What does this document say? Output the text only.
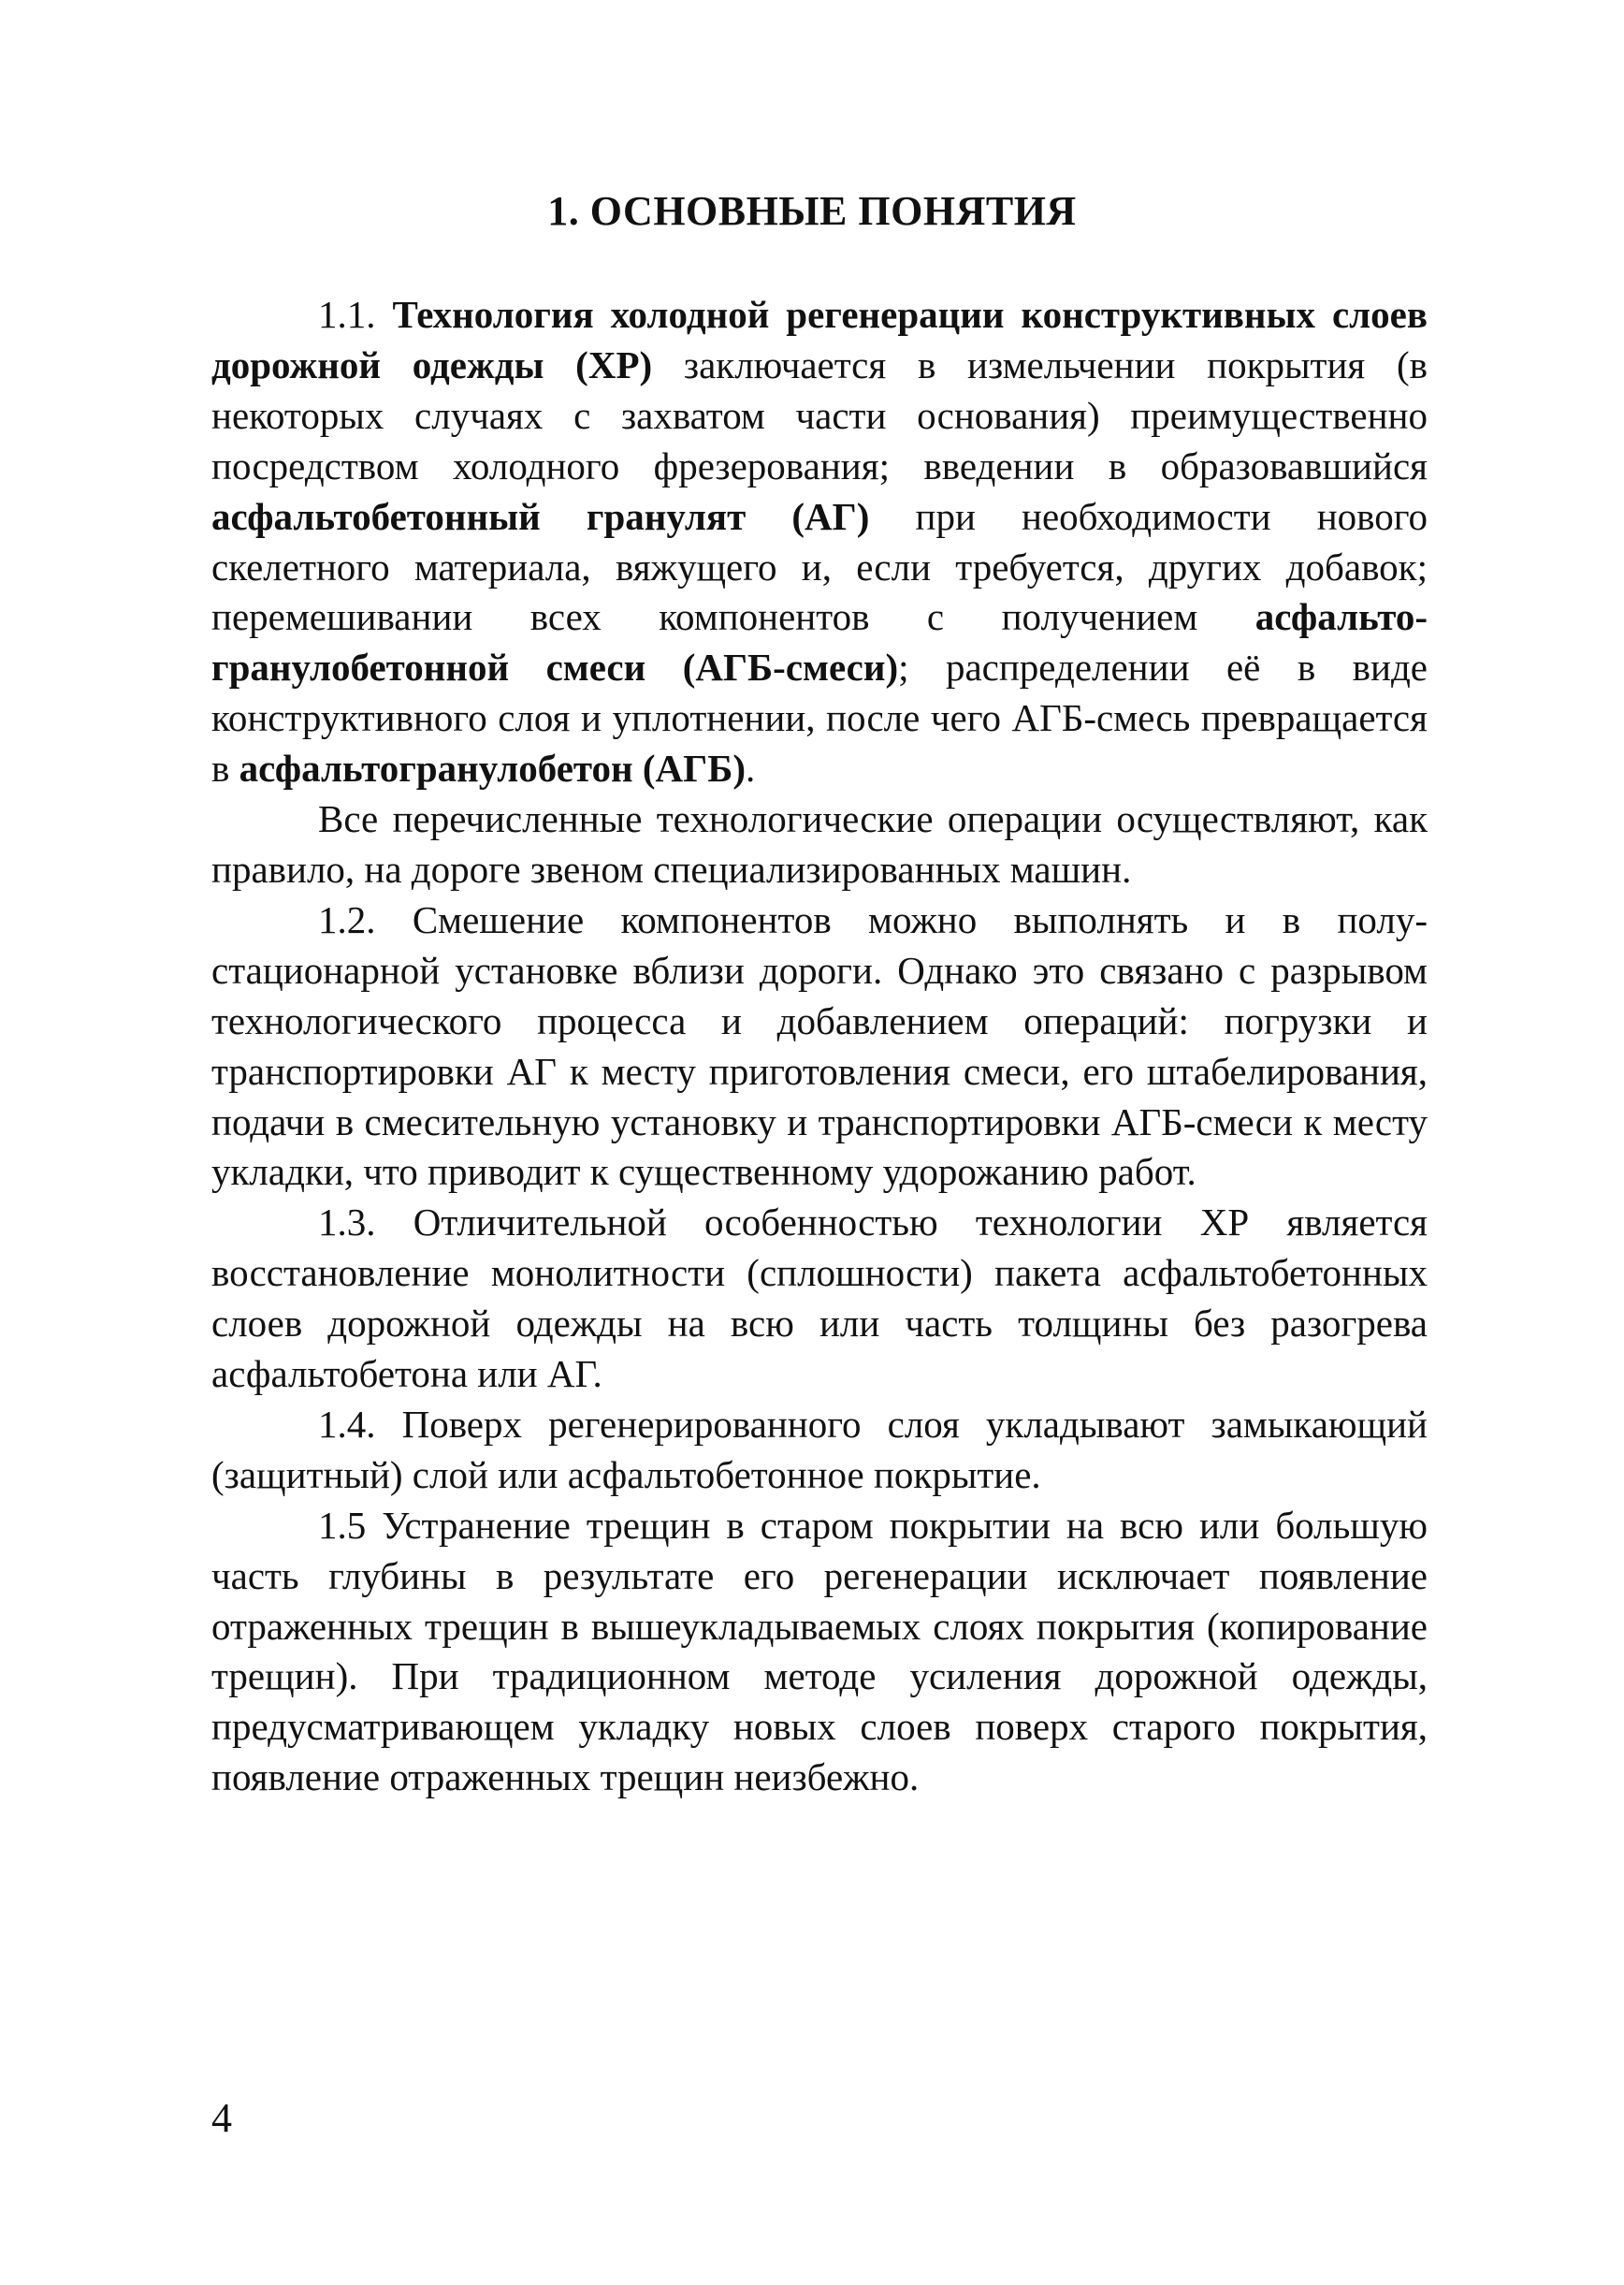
1. ОСНОВНЫЕ ПОНЯТИЯ

1.1. Технология холодной регенерации конструктивных слоев дорожной одежды (ХР) заключается в измельчении покрытия (в некоторых случаях с захватом части основания) преимущественно посредством холодного фрезерования; введении в образовавшийся асфальтобетонный гранулят (АГ) при необходимости нового скелетного материала, вяжущего и, если требуется, других добавок; перемешивании всех компонентов с получением асфальтогранулобетонной смеси (АГБ-смеси); распределении её в виде конструктивного слоя и уплотнении, после чего АГБ-смесь превращается в асфальтогранулобетон (АГБ).

Все перечисленные технологические операции осуществляют, как правило, на дороге звеном специализированных машин.

1.2. Смешение компонентов можно выполнять и в полустационарной установке вблизи дороги. Однако это связано с разрывом технологического процесса и добавлением операций: погрузки и транспортировки АГ к месту приготовления смеси, его штабелирования, подачи в смесительную установку и транспортировки АГБ-смеси к месту укладки, что приводит к существенному удорожанию работ.

1.3. Отличительной особенностью технологии ХР является восстановление монолитности (сплошности) пакета асфальтобетонных слоев дорожной одежды на всю или часть толщины без разогрева асфальтобетона или АГ.

1.4. Поверх регенерированного слоя укладывают замыкающий (защитный) слой или асфальтобетонное покрытие.

1.5 Устранение трещин в старом покрытии на всю или большую часть глубины в результате его регенерации исключает появление отраженных трещин в вышеукладываемых слоях покрытия (копирование трещин). При традиционном методе усиления дорожной одежды, предусматривающем укладку новых слоев поверх старого покрытия, появление отраженных трещин неизбежно.

4
